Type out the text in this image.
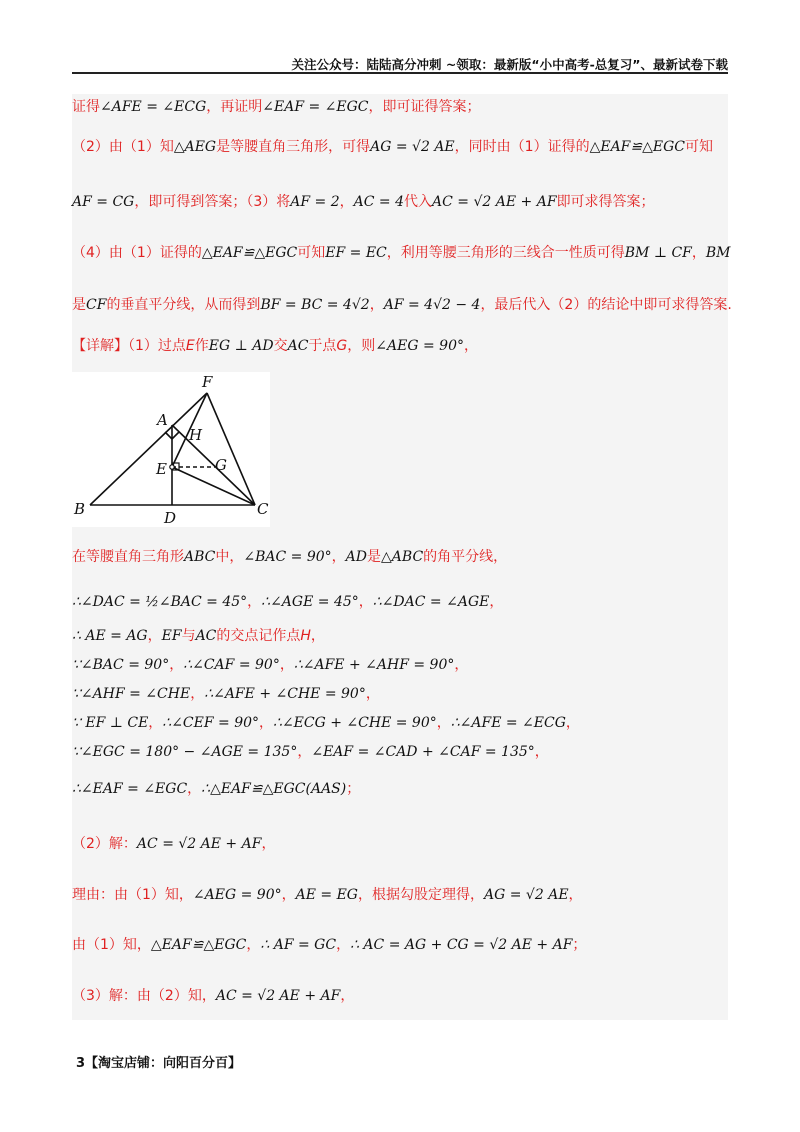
关注公众号：陆陆高分冲刺 ~领取：最新版“小中高考-总复习”、最新试卷下载
证得∠AFE = ∠ECG，再证明∠EAF = ∠EGC，即可证得答案；
（2）由（1）知△AEG是等腰直角三角形，可得AG = √2 AE，同时由（1）证得的△EAF≌△EGC可知
AF = CG，即可得到答案；（3）将AF = 2，AC = 4代入AC = √2 AE + AF即可求得答案；
（4）由（1）证得的△EAF≌△EGC可知EF = EC，利用等腰三角形的三线合一性质可得BM ⊥ CF，BM
是CF的垂直平分线，从而得到BF = BC = 4√2，AF = 4√2 − 4，最后代入（2）的结论中即可求得答案.
【详解】（1）过点E作EG ⊥ AD交AC于点G，则∠AEG = 90°，
F
A
H
E	G
B	D	C
在等腰直角三角形ABC中，∠BAC = 90°，AD是△ABC的角平分线，
∴∠DAC = ½∠BAC = 45°，∴∠AGE = 45°，∴∠DAC = ∠AGE，
∴ AE = AG，EF与AC的交点记作点H，
∵∠BAC = 90°，∴∠CAF = 90°，∴∠AFE + ∠AHF = 90°，
∵∠AHF = ∠CHE，∴∠AFE + ∠CHE = 90°，
∵ EF ⊥ CE，∴∠CEF = 90°，∴∠ECG + ∠CHE = 90°，∴∠AFE = ∠ECG，
∵∠EGC = 180° − ∠AGE = 135°，∠EAF = ∠CAD + ∠CAF = 135°，
∴∠EAF = ∠EGC，∴△EAF≌△EGC(AAS)；
（2）解：AC = √2 AE + AF，
理由：由（1）知，∠AEG = 90°，AE = EG，根据勾股定理得，AG = √2 AE，
由（1）知，△EAF≌△EGC，∴ AF = GC，∴ AC = AG + CG = √2 AE + AF；
（3）解：由（2）知，AC = √2 AE + AF，
3【淘宝店铺：向阳百分百】
